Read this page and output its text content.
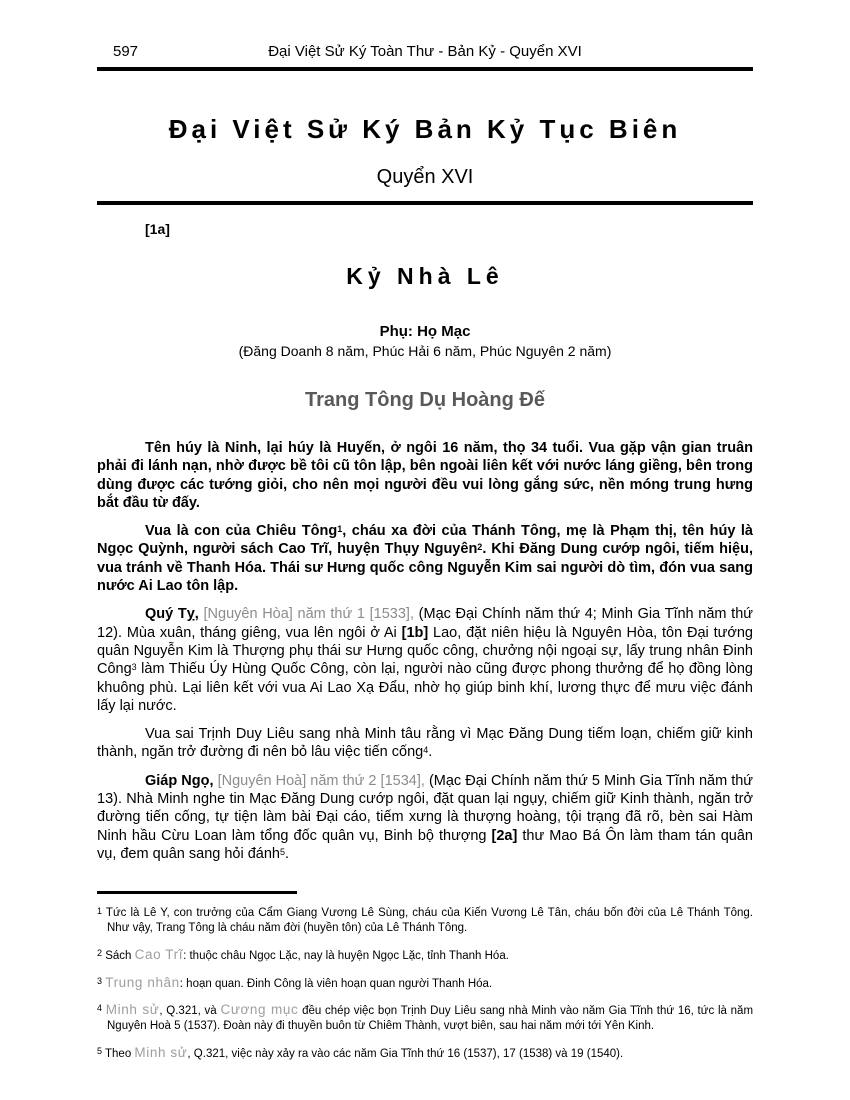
597	Đại Việt Sử Ký Toàn Thư - Bản Kỷ - Quyển XVI
Đại Việt Sử Ký Bản Kỷ Tục Biên
Quyển XVI
[1a]
Kỷ Nhà Lê
Phụ: Họ Mạc
(Đăng Doanh 8 năm, Phúc Hải 6 năm, Phúc Nguyên 2 năm)
Trang Tông Dụ Hoàng Đế
Tên húy là Ninh, lại húy là Huyến, ở ngôi 16 năm, thọ 34 tuổi. Vua gặp vận gian truân phải đi lánh nạn, nhờ được bề tôi cũ tôn lập, bên ngoài liên kết với nước láng giềng, bên trong dùng được các tướng giỏi, cho nên mọi người đều vui lòng gắng sức, nền móng trung hưng bắt đầu từ đấy.
Vua là con của Chiêu Tông$^1$, cháu xa đời của Thánh Tông, mẹ là Phạm thị, tên húy là Ngọc Quỳnh, người sách Cao Trĩ, huyện Thụy Nguyên$^2$. Khi Đăng Dung cướp ngôi, tiếm hiệu, vua tránh về Thanh Hóa. Thái sư Hưng quốc công Nguyễn Kim sai người dò tìm, đón vua sang nước Ai Lao tôn lập.
Quý Tỵ, [Nguyên Hòa] năm thứ 1 [1533], (Mạc Đại Chính năm thứ 4; Minh Gia Tĩnh năm thứ 12). Mùa xuân, tháng giêng, vua lên ngôi ở Ai [1b] Lao, đặt niên hiệu là Nguyên Hòa, tôn Đại tướng quân Nguyễn Kim là Thượng phụ thái sư Hưng quốc công, chưởng nội ngoại sự, lấy trung nhân Đinh Công$^3$ làm Thiếu Úy Hùng Quốc Công, còn lại, người nào cũng được phong thưởng để họ đồng lòng khuông phù. Lại liên kết với vua Ai Lao Xạ Đẩu, nhờ họ giúp binh khí, lương thực để mưu việc đánh lấy lại nước.
Vua sai Trịnh Duy Liêu sang nhà Minh tâu rằng vì Mạc Đăng Dung tiếm loạn, chiếm giữ kinh thành, ngăn trở đường đi nên bỏ lâu việc tiến cống$^4$.
Giáp Ngọ, [Nguyên Hoà] năm thứ 2 [1534], (Mạc Đại Chính năm thứ 5 Minh Gia Tĩnh năm thứ 13). Nhà Minh nghe tin Mạc Đăng Dung cướp ngôi, đặt quan lại ngụy, chiếm giữ Kinh thành, ngăn trở đường tiến cống, tự tiện làm bài Đại cáo, tiếm xưng là thượng hoàng, tội trạng đã rõ, bèn sai Hàm Ninh hầu Cừu Loan làm tổng đốc quân vụ, Binh bộ thượng [2a] thư Mao Bá Ôn làm tham tán quân vụ, đem quân sang hỏi đánh$^5$.
$^1$ Tức là Lê Y, con trưởng của Cẩm Giang Vương Lê Sùng, cháu của Kiến Vương Lê Tân, cháu bốn đời của Lê Thánh Tông. Như vậy, Trang Tông là cháu năm đời (huyền tôn) của Lê Thánh Tông.
$^2$ Sách Cao Trĩ: thuộc châu Ngọc Lặc, nay là huyện Ngọc Lặc, tỉnh Thanh Hóa.
$^3$ Trung nhân: hoạn quan. Đinh Công là viên hoạn quan người Thanh Hóa.
$^4$ Minh sử, Q.321, và Cương mục đều chép việc bọn Trịnh Duy Liêu sang nhà Minh vào năm Gia Tĩnh thứ 16, tức là năm Nguyên Hoà 5 (1537). Đoàn này đi thuyền buôn từ Chiêm Thành, vượt biên, sau hai năm mới tới Yên Kinh.
$^5$ Theo Minh sử, Q.321, việc này xảy ra vào các năm Gia Tĩnh thứ 16 (1537), 17 (1538) và 19 (1540).
